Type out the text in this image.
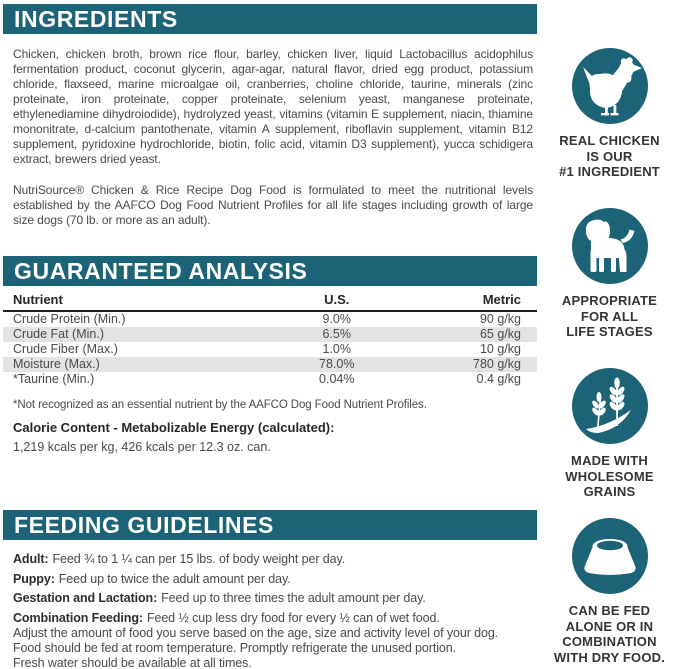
INGREDIENTS

Chicken, chicken broth, brown rice flour, barley, chicken liver, liquid Lactobacillus acidophilus fermentation product, coconut glycerin, agar-agar, natural flavor, dried egg product, potassium chloride, flaxseed, marine microalgae oil, cranberries, choline chloride, taurine, minerals (zinc proteinate, iron proteinate, copper proteinate, selenium yeast, manganese proteinate, ethylenediamine dihydroiodide), hydrolyzed yeast, vitamins (vitamin E supplement, niacin, thiamine mononitrate, d-calcium pantothenate, vitamin A supplement, riboflavin supplement, vitamin B12 supplement, pyridoxine hydrochloride, biotin, folic acid, vitamin D3 supplement), yucca schidigera extract, brewers dried yeast.

NutriSource® Chicken & Rice Recipe Dog Food is formulated to meet the nutritional levels established by the AAFCO Dog Food Nutrient Profiles for all life stages including growth of large size dogs (70 lb. or more as an adult).

GUARANTEED ANALYSIS
Nutrient	U.S.	Metric
Crude Protein (Min.)	9.0%	90 g/kg
Crude Fat (Min.)	6.5%	65 g/kg
Crude Fiber (Max.)	1.0%	10 g/kg
Moisture (Max.)	78.0%	780 g/kg
*Taurine (Min.)	0.04%	0.4 g/kg

*Not recognized as an essential nutrient by the AAFCO Dog Food Nutrient Profiles.

Calorie Content - Metabolizable Energy (calculated):

1,219 kcals per kg, 426 kcals per 12.3 oz. can.

FEEDING GUIDELINES
Adult: Feed ¾ to 1 ¼ can per 15 lbs. of body weight per day.
Puppy: Feed up to twice the adult amount per day.
Gestation and Lactation: Feed up to three times the adult amount per day.
Combination Feeding: Feed ½ cup less dry food for every ½ can of wet food.
Adjust the amount of food you serve based on the age, size and activity level of your dog.
Food should be fed at room temperature. Promptly refrigerate the unused portion.
Fresh water should be available at all times.
REAL CHICKEN
IS OUR
#1 INGREDIENT
APPROPRIATE
FOR ALL
LIFE STAGES
MADE WITH
WHOLESOME
GRAINS
CAN BE FED
ALONE OR IN
COMBINATION
WITH DRY FOOD.
